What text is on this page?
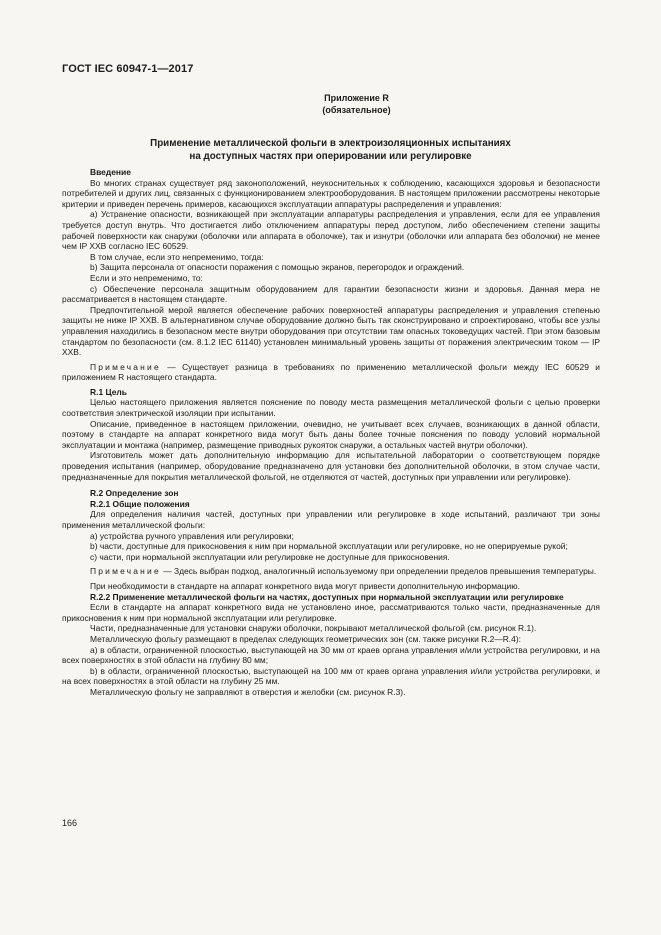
ГОСТ IEC 60947-1—2017
Приложение R
(обязательное)
Применение металлической фольги в электроизоляционных испытаниях
на доступных частях при оперировании или регулировке

Введение

Во многих странах существует ряд законоположений, неукоснительных к соблюдению, касающихся здоровья и безопасности потребителей и других лиц, связанных с функционированием электрооборудования. В настоящем приложении рассмотрены некоторые критерии и приведен перечень примеров, касающихся эксплуатации аппаратуры распределения и управления:

a) Устранение опасности, возникающей при эксплуатации аппаратуры распределения и управления, если для ее управления требуется доступ внутрь. Что достигается либо отключением аппаратуры перед доступом, либо обеспечением степени защиты рабочей поверхности как снаружи (оболочки или аппарата в оболочке), так и изнутри (оболочки или аппарата без оболочки) не менее чем IP XXB согласно IEC 60529.

В том случае, если это непременимо, тогда:

b) Защита персонала от опасности поражения с помощью экранов, перегородок и ограждений.

Если и это непременимо, то:

c) Обеспечение персонала защитным оборудованием для гарантии безопасности жизни и здоровья. Данная мера не рассматривается в настоящем стандарте.

Предпочтительной мерой является обеспечение рабочих поверхностей аппаратуры распределения и управления степенью защиты не ниже IP XXB. В альтернативном случае оборудование должно быть так сконструировано и спроектировано, чтобы все узлы управления находились в безопасном месте внутри оборудования при отсутствии там опасных токоведущих частей. При этом базовым стандартом по безопасности (см. 8.1.2 IEC 61140) установлен минимальный уровень защиты от поражения электрическим током — IP XXB.

Примечание — Существует разница в требованиях по применению металлической фольги между IEC 60529 и приложением R настоящего стандарта.

R.1 Цель

Целью настоящего приложения является пояснение по поводу места размещения металлической фольги с целью проверки соответствия электрической изоляции при испытании.

Описание, приведенное в настоящем приложении, очевидно, не учитывает всех случаев, возникающих в данной области, поэтому в стандарте на аппарат конкретного вида могут быть даны более точные пояснения по поводу условий нормальной эксплуатации и монтажа (например, размещение приводных рукояток снаружи, а остальных частей внутри оболочки).

Изготовитель может дать дополнительную информацию для испытательной лаборатории о соответствующем порядке проведения испытания (например, оборудование предназначено для установки без дополнительной оболочки, в этом случае части, предназначенные для покрытия металлической фольгой, не отделяются от частей, доступных при управлении или регулировке).

R.2 Определение зон

R.2.1 Общие положения

Для определения наличия частей, доступных при управлении или регулировке в ходе испытаний, различают три зоны применения металлической фольги:

a) устройства ручного управления или регулировки;

b) части, доступные для прикосновения к ним при нормальной эксплуатации или регулировке, но не оперируемые рукой;

c) части, при нормальной эксплуатации или регулировке не доступные для прикосновения.

Примечание — Здесь выбран подход, аналогичный используемому при определении пределов превышения температуры.

При необходимости в стандарте на аппарат конкретного вида могут привести дополнительную информацию.

R.2.2 Применение металлической фольги на частях, доступных при нормальной эксплуатации или регулировке

Если в стандарте на аппарат конкретного вида не установлено иное, рассматриваются только части, предназначенные для прикосновения к ним при нормальной эксплуатации или регулировке.

Части, предназначенные для установки снаружи оболочки, покрывают металлической фольгой (см. рисунок R.1).

Металлическую фольгу размещают в пределах следующих геометрических зон (см. также рисунки R.2—R.4):

a) в области, ограниченной плоскостью, выступающей на 30 мм от краев органа управления и/или устройства регулировки, и на всех поверхностях в этой области на глубину 80 мм;

b) в области, ограниченной плоскостью, выступающей на 100 мм от краев органа управления и/или устройства регулировки, и на всех поверхностях в этой области на глубину 25 мм.

Металлическую фольгу не заправляют в отверстия и желобки (см. рисунок R.3).

166
